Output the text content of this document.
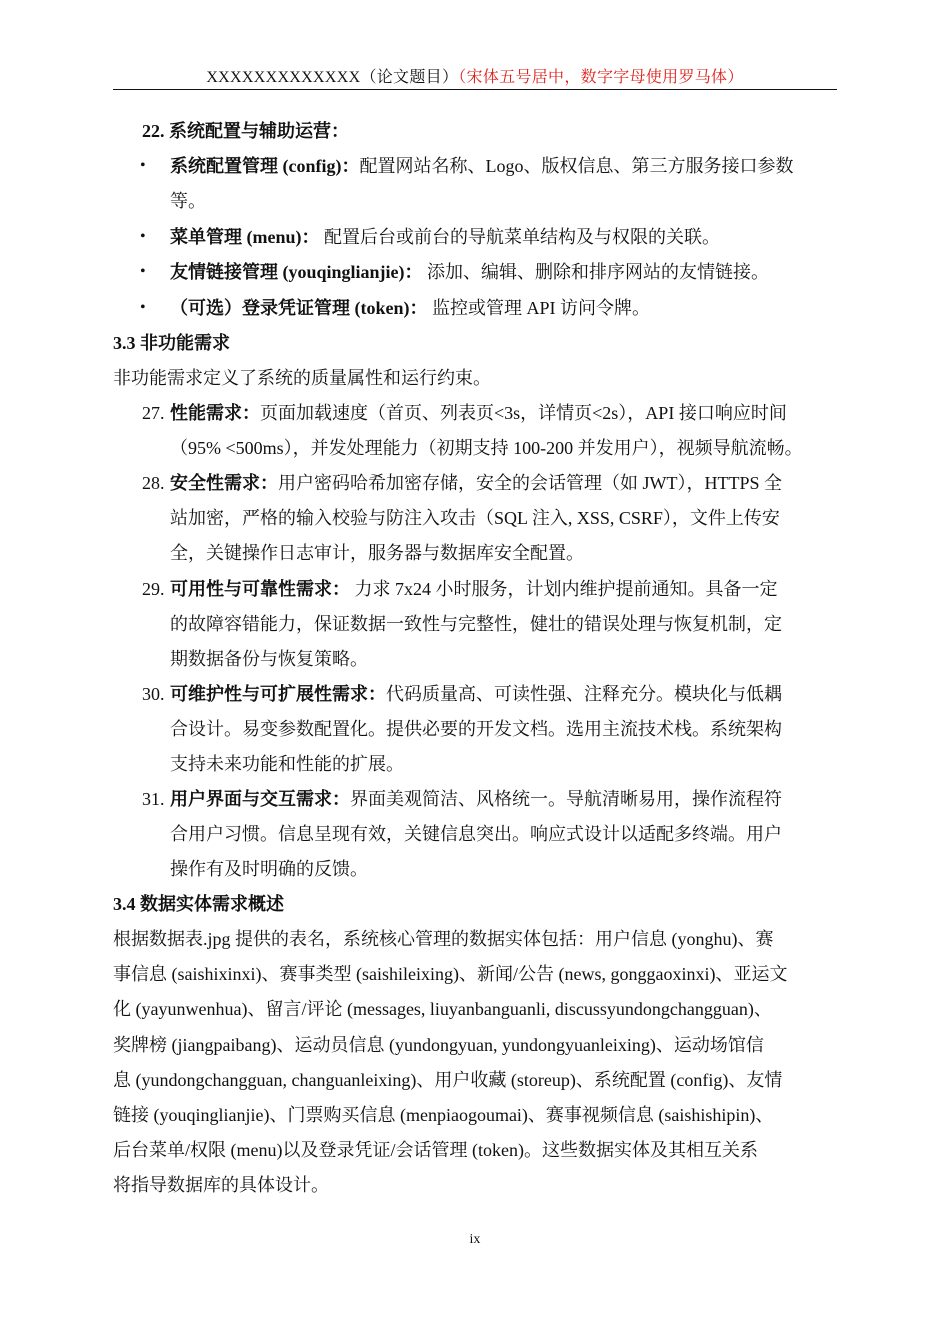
XXXXXXXXXXXXX（论文题目）（宋体五号居中，数字字母使用罗马体）
22. 系统配置与辅助运营：
• 系统配置管理 (config)：配置网站名称、Logo、版权信息、第三方服务接口参数
等。
• 菜单管理 (menu)： 配置后台或前台的导航菜单结构及与权限的关联。
• 友情链接管理 (youqinglianjie)： 添加、编辑、删除和排序网站的友情链接。
• （可选）登录凭证管理 (token)： 监控或管理 API 访问令牌。
3.3 非功能需求
非功能需求定义了系统的质量属性和运行约束。
27. 性能需求：页面加载速度（首页、列表页<3s，详情页<2s），API 接口响应时间
（95% <500ms），并发处理能力（初期支持 100-200 并发用户），视频导航流畅。
28. 安全性需求：用户密码哈希加密存储，安全的会话管理（如 JWT），HTTPS 全
站加密，严格的输入校验与防注入攻击（SQL 注入, XSS, CSRF），文件上传安
全，关键操作日志审计，服务器与数据库安全配置。
29. 可用性与可靠性需求： 力求 7x24 小时服务，计划内维护提前通知。具备一定
的故障容错能力，保证数据一致性与完整性，健壮的错误处理与恢复机制，定
期数据备份与恢复策略。
30. 可维护性与可扩展性需求：代码质量高、可读性强、注释充分。模块化与低耦
合设计。易变参数配置化。提供必要的开发文档。选用主流技术栈。系统架构
支持未来功能和性能的扩展。
31. 用户界面与交互需求：界面美观简洁、风格统一。导航清晰易用，操作流程符
合用户习惯。信息呈现有效，关键信息突出。响应式设计以适配多终端。用户
操作有及时明确的反馈。
3.4 数据实体需求概述
根据数据表.jpg 提供的表名，系统核心管理的数据实体包括：用户信息 (yonghu)、赛
事信息 (saishixinxi)、赛事类型 (saishileixing)、新闻/公告 (news, gonggaoxinxi)、亚运文
化 (yayunwenhua)、留言/评论 (messages, liuyanbanguanli, discussyundongchangguan)、
奖牌榜 (jiangpaibang)、运动员信息 (yundongyuan, yundongyuanleixing)、运动场馆信
息 (yundongchangguan, changuanleixing)、用户收藏 (storeup)、系统配置 (config)、友情
链接 (youqinglianjie)、门票购买信息 (menpiaogoumai)、赛事视频信息 (saishishipin)、
后台菜单/权限 (menu)以及登录凭证/会话管理 (token)。这些数据实体及其相互关系
将指导数据库的具体设计。
ix
